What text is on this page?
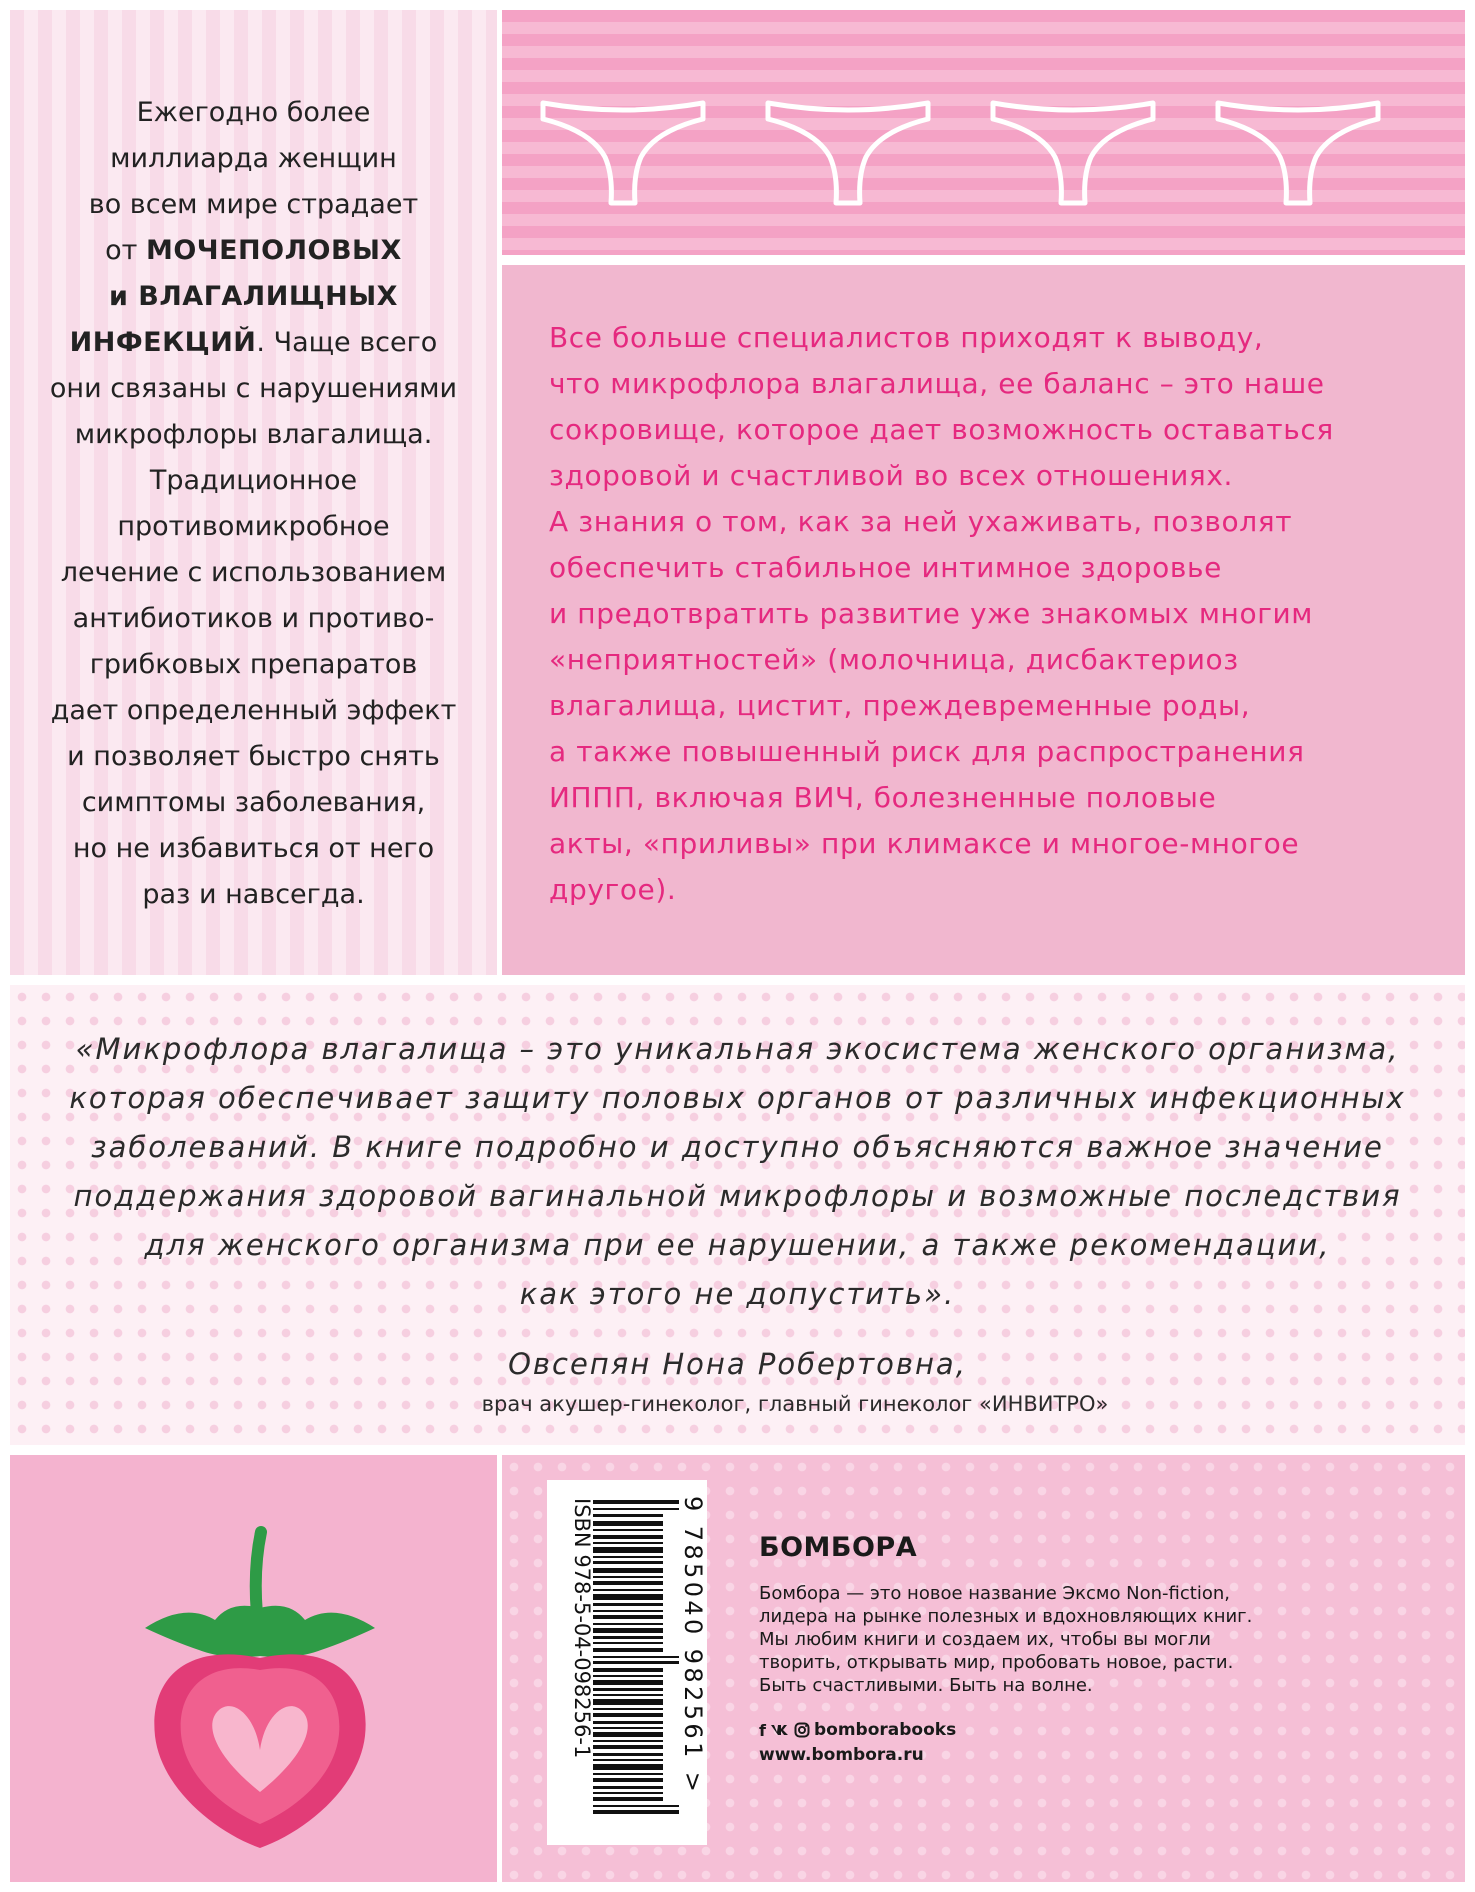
Ежегодно более
миллиарда женщин
во всем мире страдает
от МОЧЕПОЛОВЫХ
и ВЛАГАЛИЩНЫХ
ИНФЕКЦИЙ. Чаще всего
они связаны с нарушениями
микрофлоры влагалища.
Традиционное
противомикробное
лечение с использованием
антибиотиков и противо-
грибковых препаратов
дает определенный эффект
и позволяет быстро снять
симптомы заболевания,
но не избавиться от него
раз и навсегда.
Все больше специалистов приходят к выводу,
что микрофлора влагалища, ее баланс – это наше
сокровище, которое дает возможность оставаться
здоровой и счастливой во всех отношениях.
А знания о том, как за ней ухаживать, позволят
обеспечить стабильное интимное здоровье
и предотвратить развитие уже знакомых многим
«неприятностей» (молочница, дисбактериоз
влагалища, цистит, преждевременные роды,
а также повышенный риск для распространения
ИППП, включая ВИЧ, болезненные половые
акты, «приливы» при климаксе и многое-многое
другое).
«Микрофлора влагалища – это уникальная экосистема женского организма,
которая обеспечивает защиту половых органов от различных инфекционных
заболеваний. В книге подробно и доступно объясняются важное значение
поддержания здоровой вагинальной микрофлоры и возможные последствия
для женского организма при ее нарушении, а также рекомендации,
как этого не допустить».
Овсепян Нона Робертовна,
врач акушер-гинеколог, главный гинеколог «ИНВИТРО»
ISBN 978-5-04-098256-1	9 785040 982561 > БОМБОРА
Бомбора — это новое название Эксмо Non-fiction,
лидера на рынке полезных и вдохновляющих книг.
Мы любим книги и создаем их, чтобы вы могли
творить, открывать мир, пробовать новое, расти.
Быть счастливыми. Быть на волне.
f	bomborabooks
www.bombora.ru
